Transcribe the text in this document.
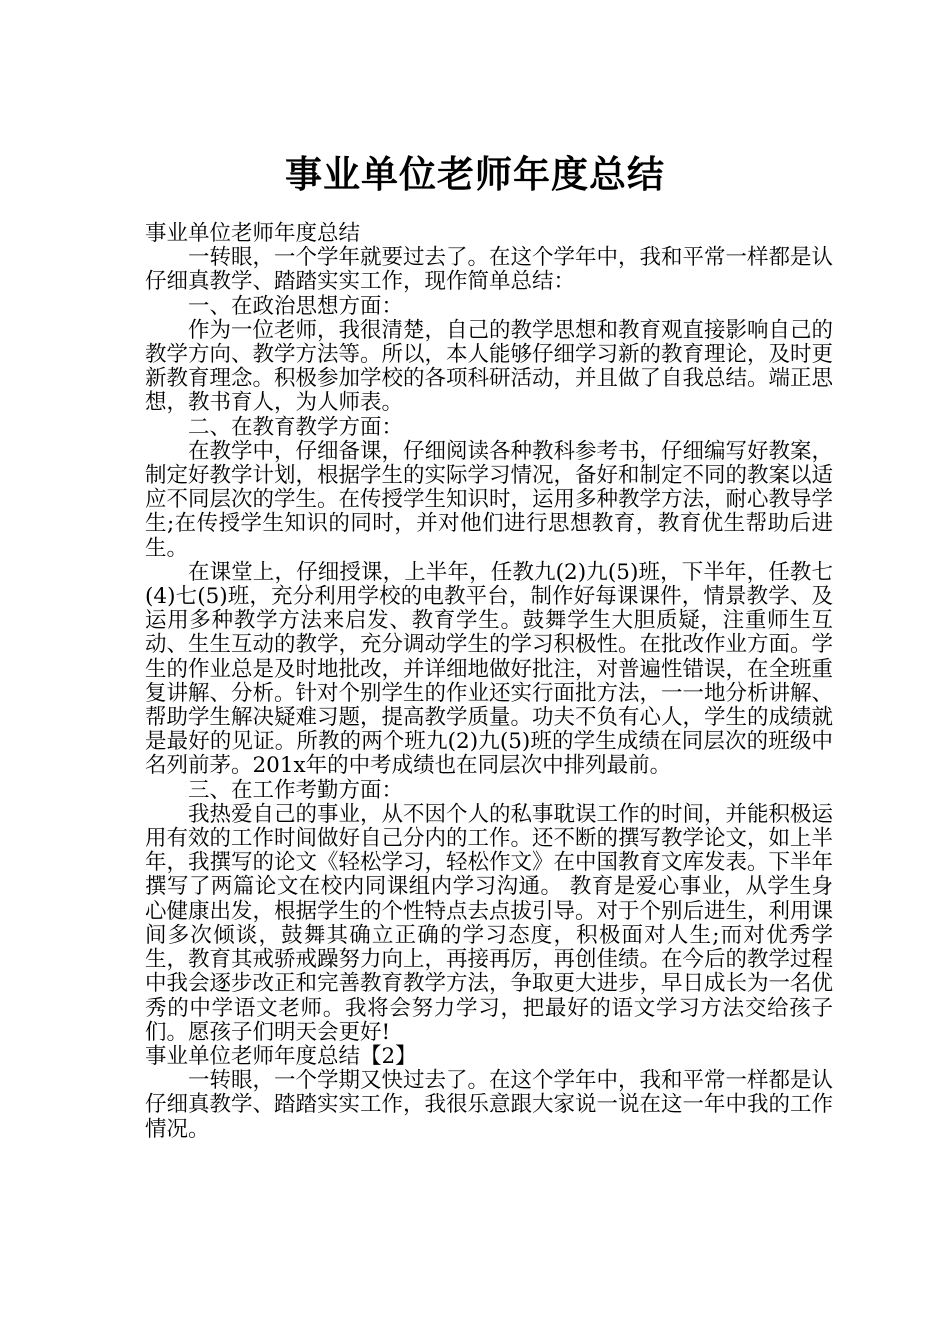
事业单位老师年度总结

事业单位老师年度总结

一转眼，一个学年就要过去了。在这个学年中，我和平常一样都是认仔细真教学、踏踏实实工作，现作简单总结：

一、在政治思想方面：

作为一位老师，我很清楚，自己的教学思想和教育观直接影响自己的教学方向、教学方法等。所以，本人能够仔细学习新的教育理论，及时更新教育理念。积极参加学校的各项科研活动，并且做了自我总结。端正思想，教书育人，为人师表。

二、在教育教学方面：

在教学中，仔细备课，仔细阅读各种教科参考书，仔细编写好教案，制定好教学计划，根据学生的实际学习情况，备好和制定不同的教案以适应不同层次的学生。在传授学生知识时，运用多种教学方法，耐心教导学生;在传授学生知识的同时，并对他们进行思想教育，教育优生帮助后进生。

在课堂上，仔细授课，上半年，任教九(2)九(5)班，下半年，任教七(4)七(5)班，充分利用学校的电教平台，制作好每课课件，情景教学、及运用多种教学方法来启发、教育学生。鼓舞学生大胆质疑，注重师生互动、生生互动的教学，充分调动学生的学习积极性。在批改作业方面。学生的作业总是及时地批改，并详细地做好批注，对普遍性错误，在全班重复讲解、分析。针对个别学生的作业还实行面批方法，一一地分析讲解、帮助学生解决疑难习题，提高教学质量。功夫不负有心人，学生的成绩就是最好的见证。所教的两个班九(2)九(5)班的学生成绩在同层次的班级中名列前茅。201x年的中考成绩也在同层次中排列最前。

三、在工作考勤方面：

我热爱自己的事业，从不因个人的私事耽误工作的时间，并能积极运用有效的工作时间做好自己分内的工作。还不断的撰写教学论文，如上半年，我撰写的论文《轻松学习，轻松作文》在中国教育文库发表。下半年撰写了两篇论文在校内同课组内学习沟通。 教育是爱心事业，从学生身心健康出发，根据学生的个性特点去点拔引导。对于个别后进生，利用课间多次倾谈，鼓舞其确立正确的学习态度，积极面对人生;而对优秀学生，教育其戒骄戒躁努力向上，再接再厉，再创佳绩。在今后的教学过程中我会逐步改正和完善教育教学方法，争取更大进步，早日成长为一名优秀的中学语文老师。我将会努力学习，把最好的语文学习方法交给孩子们。愿孩子们明天会更好!

事业单位老师年度总结【2】

一转眼，一个学期又快过去了。在这个学年中，我和平常一样都是认仔细真教学、踏踏实实工作，我很乐意跟大家说一说在这一年中我的工作情况。
